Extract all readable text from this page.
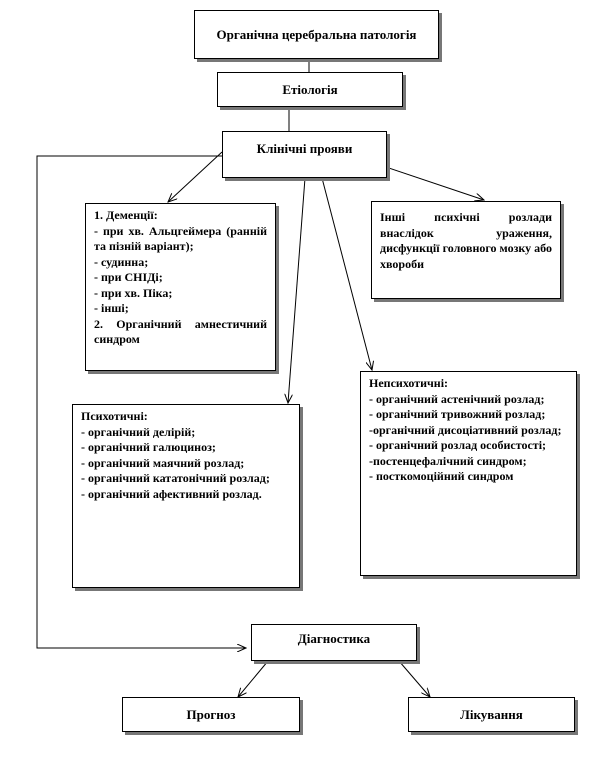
Органічна церебральна патологія
Етіологія
Клінічні прояви
1. Деменції:
- при хв. Альцгеймера (ранній та пізній варіант);
- судинна;
- при СНІДі;
- при хв. Піка;
- інші;
2. Органічний амнестичний синдром
Інші психічні розлади внаслідок ураження, дисфункції головного мозку або хвороби
Непсихотичні:
- органічний астенічний розлад;
- органічний тривожний розлад;
-органічний дисоціативний розлад;
- органічний розлад особистості;
-постенцефалічний синдром;
- посткомоційний синдром
Психотичні:
- органічний делірій;
- органічний галюциноз;
- органічний маячний розлад;
- органічний кататонічний розлад;
- органічний афективний розлад.
Діагностика
Прогноз	Лікування
